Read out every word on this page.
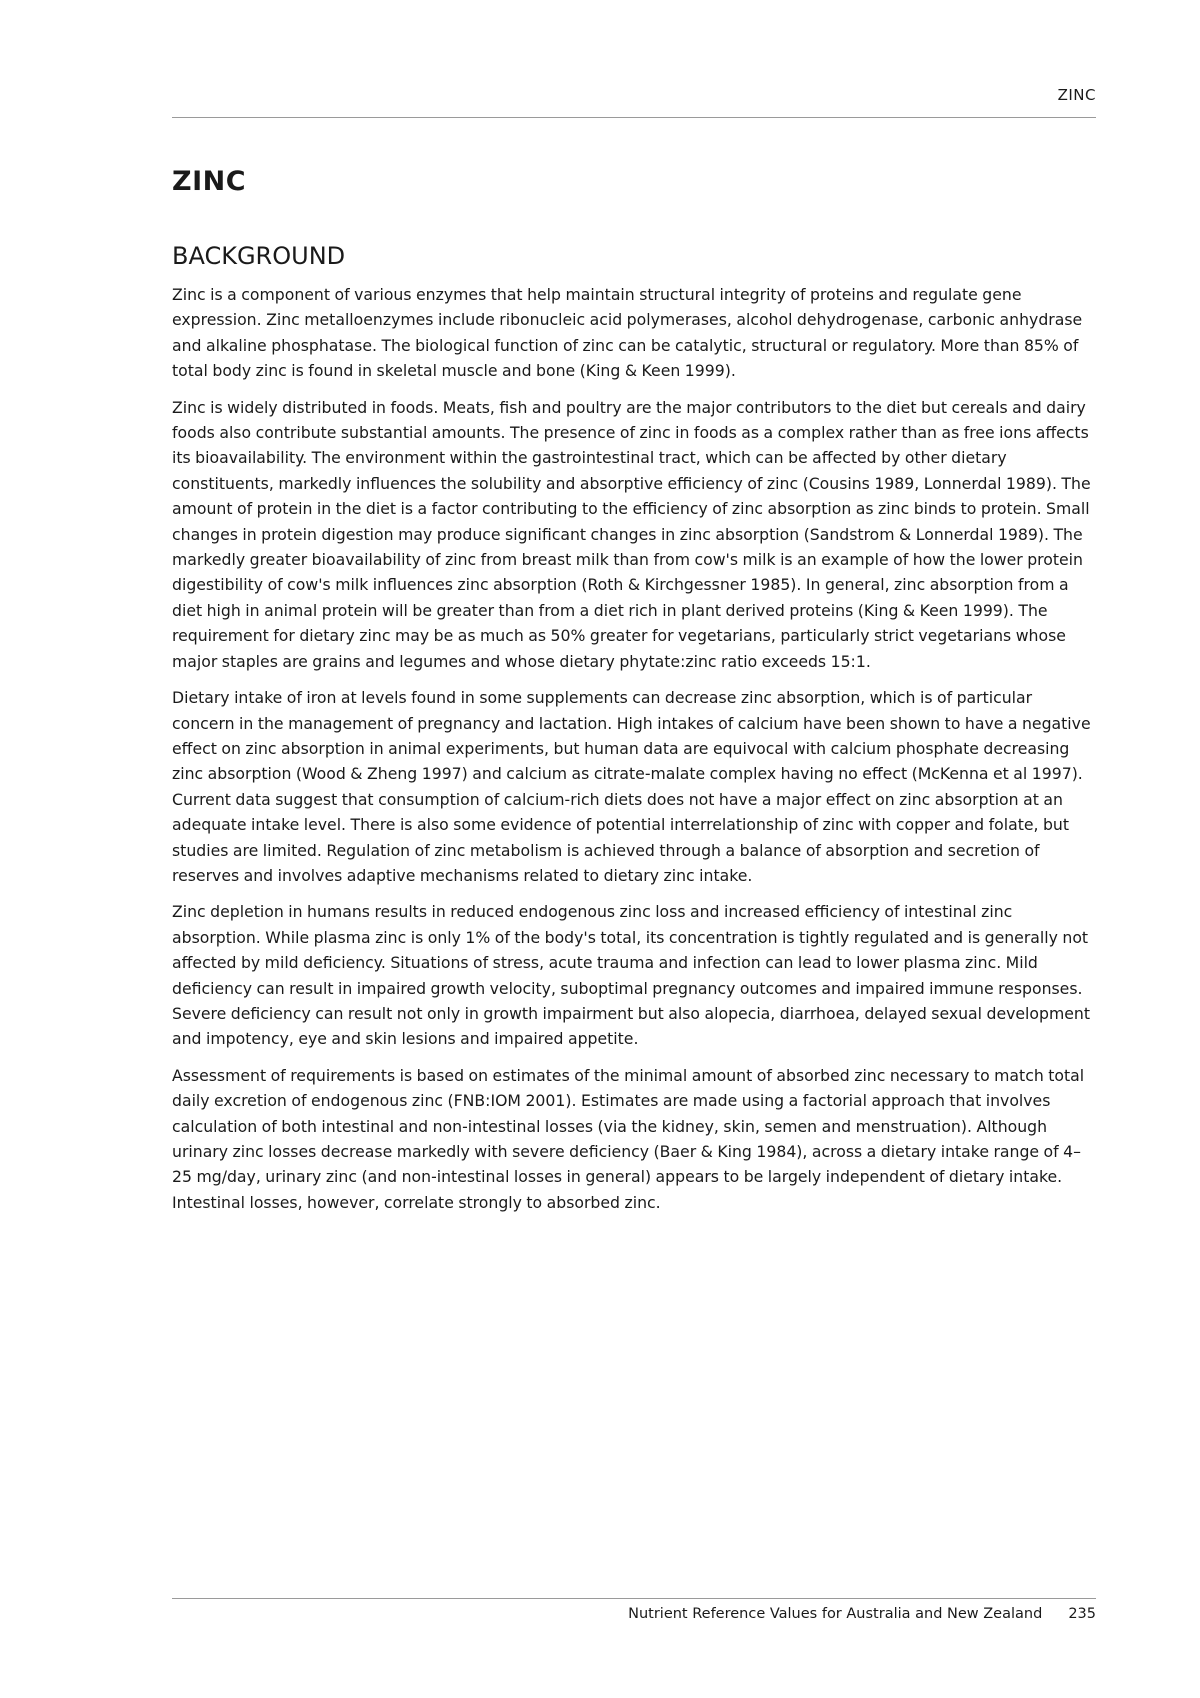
ZINC
ZINC
BACKGROUND

Zinc is a component of various enzymes that help maintain structural integrity of proteins and regulate gene expression. Zinc metalloenzymes include ribonucleic acid polymerases, alcohol dehydrogenase, carbonic anhydrase and alkaline phosphatase. The biological function of zinc can be catalytic, structural or regulatory. More than 85% of total body zinc is found in skeletal muscle and bone (King & Keen 1999).

Zinc is widely distributed in foods. Meats, fish and poultry are the major contributors to the diet but cereals and dairy foods also contribute substantial amounts. The presence of zinc in foods as a complex rather than as free ions affects its bioavailability. The environment within the gastrointestinal tract, which can be affected by other dietary constituents, markedly influences the solubility and absorptive efficiency of zinc (Cousins 1989, Lonnerdal 1989). The amount of protein in the diet is a factor contributing to the efficiency of zinc absorption as zinc binds to protein. Small changes in protein digestion may produce significant changes in zinc absorption (Sandstrom & Lonnerdal 1989). The markedly greater bioavailability of zinc from breast milk than from cow's milk is an example of how the lower protein digestibility of cow's milk influences zinc absorption (Roth & Kirchgessner 1985). In general, zinc absorption from a diet high in animal protein will be greater than from a diet rich in plant derived proteins (King & Keen 1999). The requirement for dietary zinc may be as much as 50% greater for vegetarians, particularly strict vegetarians whose major staples are grains and legumes and whose dietary phytate:zinc ratio exceeds 15:1.

Dietary intake of iron at levels found in some supplements can decrease zinc absorption, which is of particular concern in the management of pregnancy and lactation. High intakes of calcium have been shown to have a negative effect on zinc absorption in animal experiments, but human data are equivocal with calcium phosphate decreasing zinc absorption (Wood & Zheng 1997) and calcium as citrate-malate complex having no effect (McKenna et al 1997). Current data suggest that consumption of calcium-rich diets does not have a major effect on zinc absorption at an adequate intake level. There is also some evidence of potential interrelationship of zinc with copper and folate, but studies are limited. Regulation of zinc metabolism is achieved through a balance of absorption and secretion of reserves and involves adaptive mechanisms related to dietary zinc intake.

Zinc depletion in humans results in reduced endogenous zinc loss and increased efficiency of intestinal zinc absorption. While plasma zinc is only 1% of the body's total, its concentration is tightly regulated and is generally not affected by mild deficiency. Situations of stress, acute trauma and infection can lead to lower plasma zinc. Mild deficiency can result in impaired growth velocity, suboptimal pregnancy outcomes and impaired immune responses. Severe deficiency can result not only in growth impairment but also alopecia, diarrhoea, delayed sexual development and impotency, eye and skin lesions and impaired appetite.

Assessment of requirements is based on estimates of the minimal amount of absorbed zinc necessary to match total daily excretion of endogenous zinc (FNB:IOM 2001). Estimates are made using a factorial approach that involves calculation of both intestinal and non-intestinal losses (via the kidney, skin, semen and menstruation). Although urinary zinc losses decrease markedly with severe deficiency (Baer & King 1984), across a dietary intake range of 4–25 mg/day, urinary zinc (and non-intestinal losses in general) appears to be largely independent of dietary intake. Intestinal losses, however, correlate strongly to absorbed zinc.

Nutrient Reference Values for Australia and New Zealand 235
